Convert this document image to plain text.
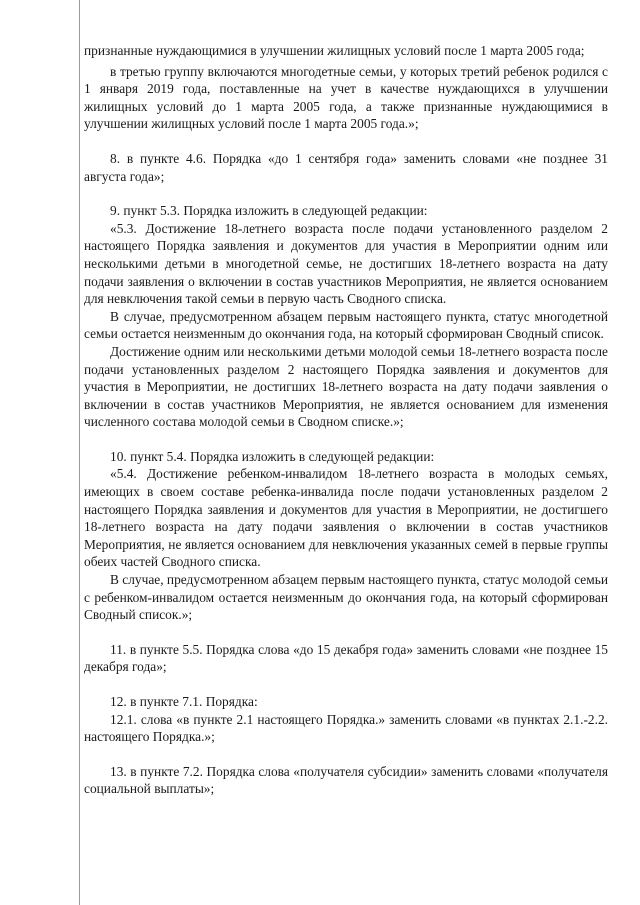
признанные нуждающимися в улучшении жилищных условий после 1 марта 2005 года;

в третью группу включаются многодетные семьи, у которых третий ребенок родился с 1 января 2019 года, поставленные на учет в качестве нуждающихся в улучшении жилищных условий до 1 марта 2005 года, а также признанные нуждающимися в улучшении жилищных условий после 1 марта 2005 года.»;

8. в пункте 4.6. Порядка «до 1 сентября года» заменить словами «не позднее 31 августа года»;

9. пункт 5.3. Порядка изложить в следующей редакции:

«5.3. Достижение 18-летнего возраста после подачи установленного разделом 2 настоящего Порядка заявления и документов для участия в Мероприятии одним или несколькими детьми в многодетной семье, не достигших 18-летнего возраста на дату подачи заявления о включении в состав участников Мероприятия, не является основанием для невключения такой семьи в первую часть Сводного списка.

В случае, предусмотренном абзацем первым настоящего пункта, статус многодетной семьи остается неизменным до окончания года, на который сформирован Сводный список.

Достижение одним или несколькими детьми молодой семьи 18-летнего возраста после подачи установленных разделом 2 настоящего Порядка заявления и документов для участия в Мероприятии, не достигших 18-летнего возраста на дату подачи заявления о включении в состав участников Мероприятия, не является основанием для изменения численного состава молодой семьи в Сводном списке.»;

10. пункт 5.4. Порядка изложить в следующей редакции:

«5.4. Достижение ребенком-инвалидом 18-летнего возраста в молодых семьях, имеющих в своем составе ребенка-инвалида после подачи установленных разделом 2 настоящего Порядка заявления и документов для участия в Мероприятии, не достигшего 18-летнего возраста на дату подачи заявления о включении в состав участников Мероприятия, не является основанием для невключения указанных семей в первые группы обеих частей Сводного списка.

В случае, предусмотренном абзацем первым настоящего пункта, статус молодой семьи с ребенком-инвалидом остается неизменным до окончания года, на который сформирован Сводный список.»;

11. в пункте 5.5. Порядка слова «до 15 декабря года» заменить словами «не позднее 15 декабря года»;

12. в пункте 7.1. Порядка:

12.1. слова «в пункте 2.1 настоящего Порядка.» заменить словами «в пунктах 2.1.-2.2. настоящего Порядка.»;

13. в пункте 7.2. Порядка слова «получателя субсидии» заменить словами «получателя социальной выплаты»;
